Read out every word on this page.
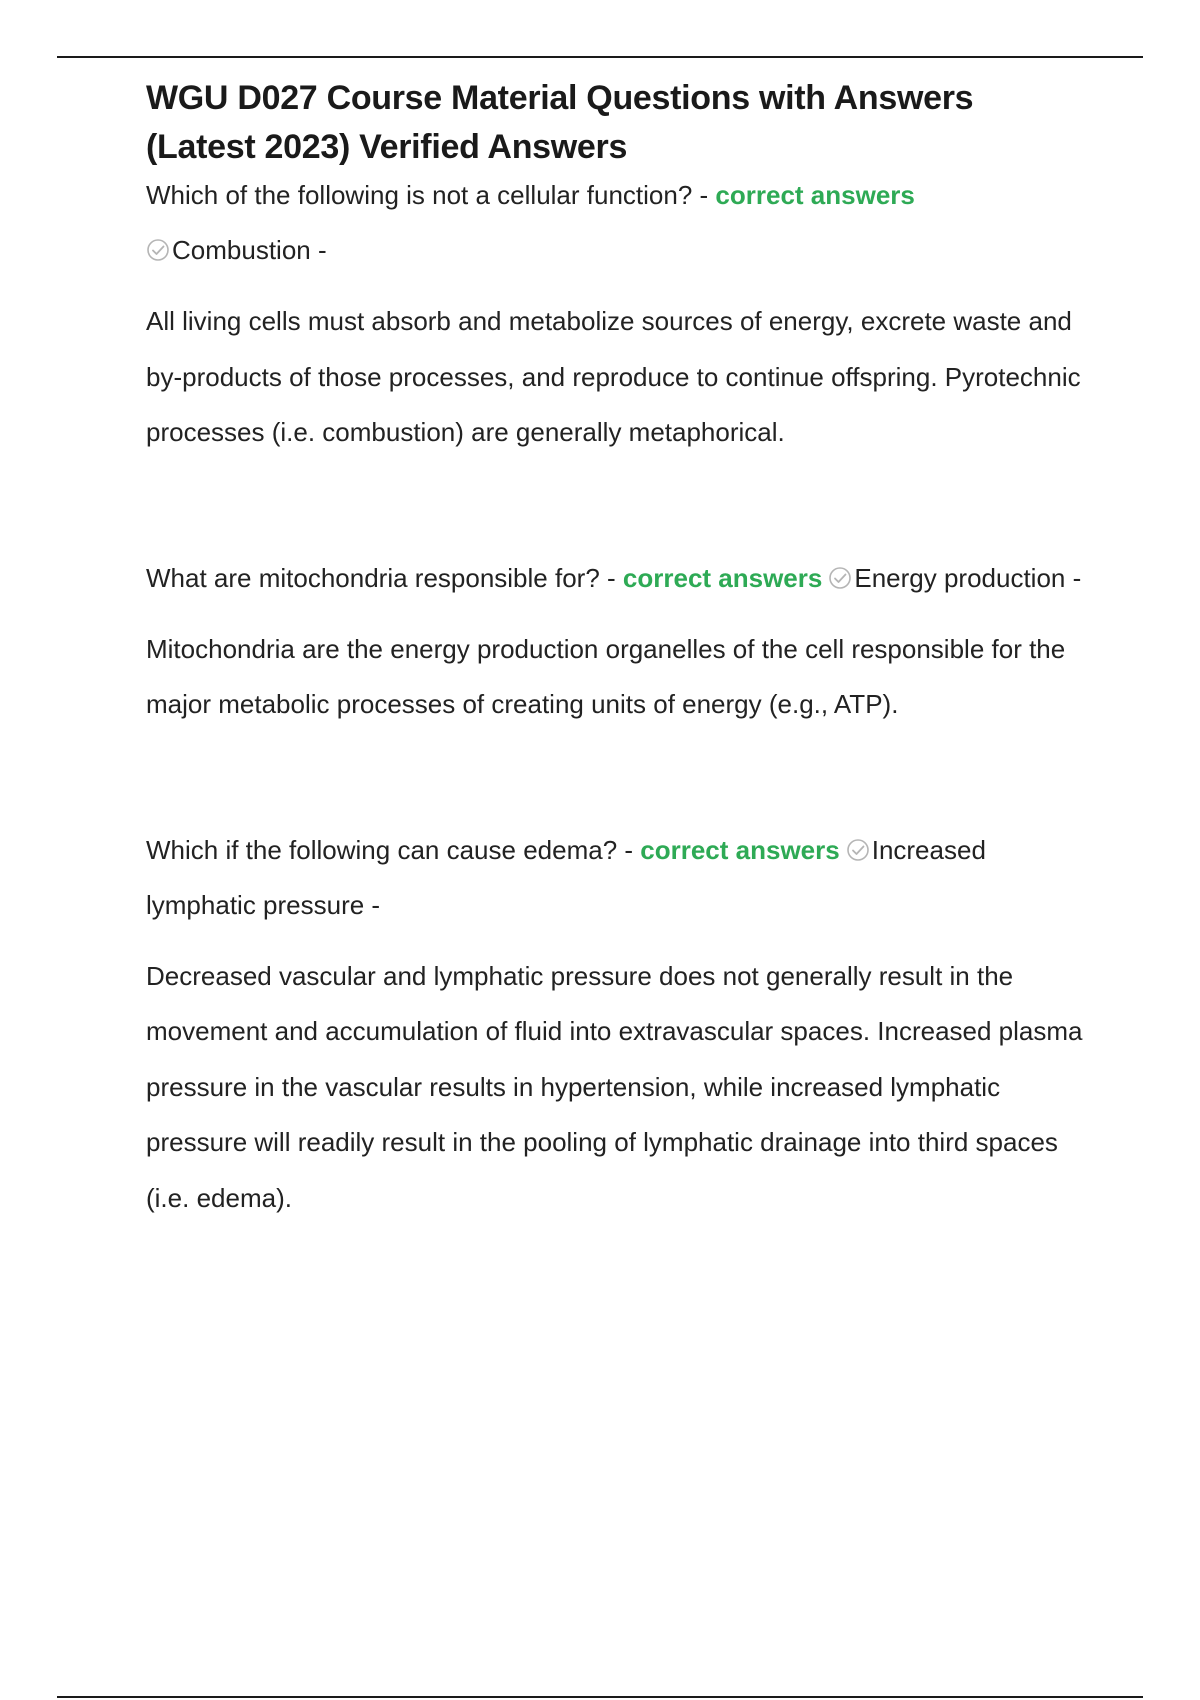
WGU D027 Course Material Questions with Answers (Latest 2023) Verified Answers

Which of the following is not a cellular function? - correct answers
Combustion -

All living cells must absorb and metabolize sources of energy, excrete waste and by-products of those processes, and reproduce to continue offspring. Pyrotechnic processes (i.e. combustion) are generally metaphorical.

What are mitochondria responsible for? - correct answers Energy production -

Mitochondria are the energy production organelles of the cell responsible for the major metabolic processes of creating units of energy (e.g., ATP).

Which if the following can cause edema? - correct answers Increased lymphatic pressure -

Decreased vascular and lymphatic pressure does not generally result in the movement and accumulation of fluid into extravascular spaces. Increased plasma pressure in the vascular results in hypertension, while increased lymphatic pressure will readily result in the pooling of lymphatic drainage into third spaces (i.e. edema).
